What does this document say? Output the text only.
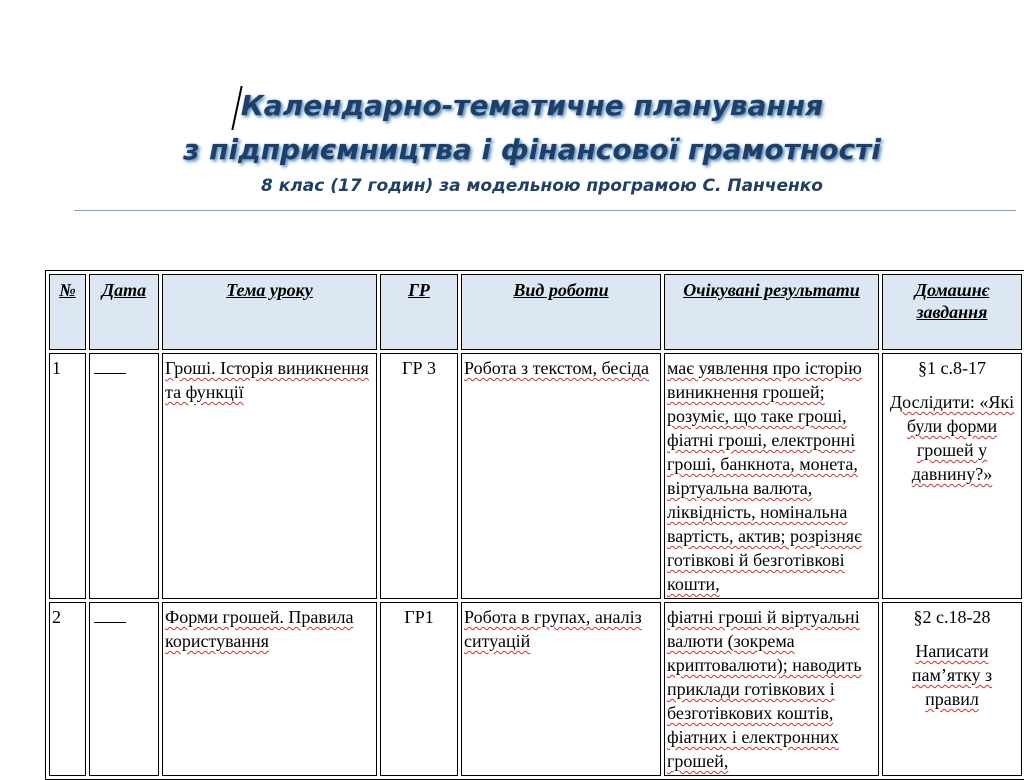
Календарно-тематичне планування
з підприємництва і фінансової грамотності
8 клас (17 годин) за модельною програмою С. Панченко
№	Дата	Тема уроку	ГР	Вид роботи	Очікувані результати	Домашнє завдання
1		Гроші. Історія виникнення та функції	ГР 3	Робота з текстом, бесіда	має уявлення про історію виникнення грошей; розуміє, що таке гроші, фіатні гроші, електронні гроші, банкнота, монета, віртуальна валюта, ліквідність, номінальна вартість, актив; розрізняє готівкові й безготівкові кошти,	§1 с.8-17

Дослідити: «Які були форми грошей у давнину?»

2		Форми грошей. Правила користування	ГР1	Робота в групах, аналіз ситуацій	фіатні гроші й віртуальні валюти (зокрема криптовалюти); наводить приклади готівкових і безготівкових коштів, фіатних і електронних грошей,	§2 с.18-28

Написати пам’ятку з правил
